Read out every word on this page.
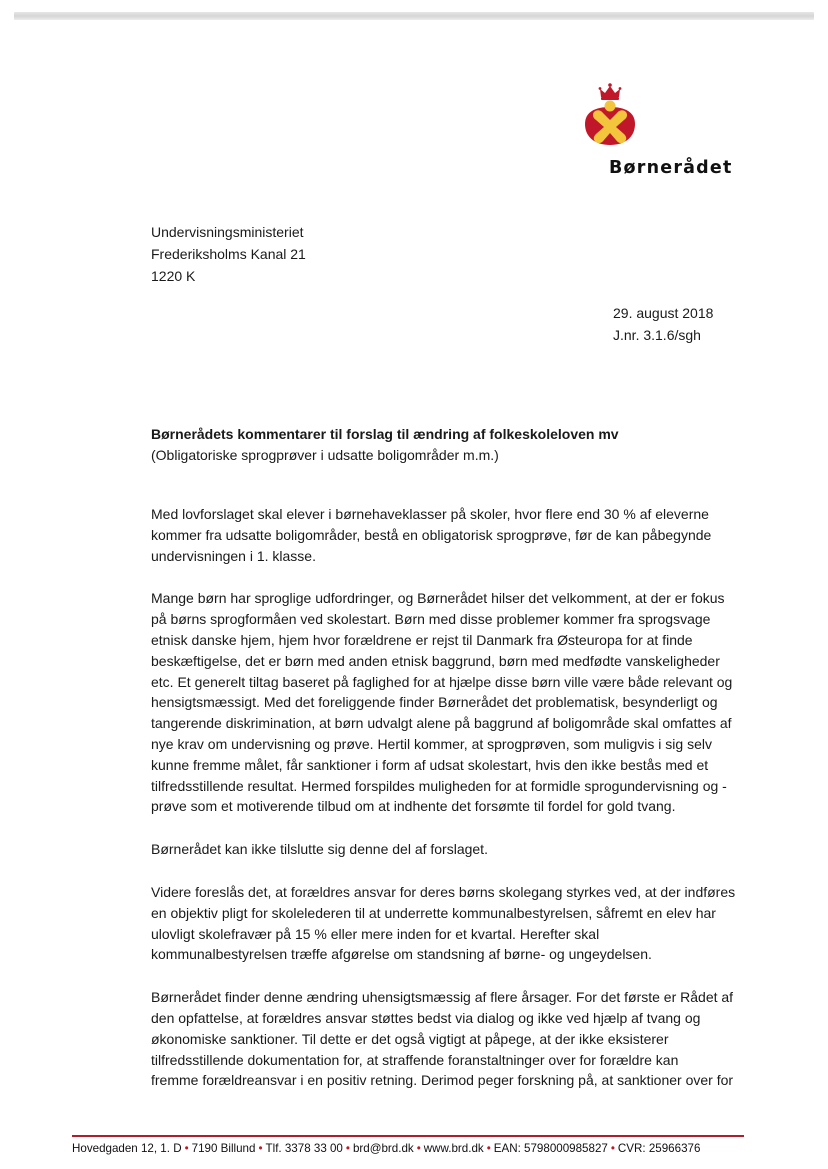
Børnerådet
Undervisningsministeriet
Frederiksholms Kanal 21
1220 K
29. august 2018
J.nr. 3.1.6/sgh
Børnerådets kommentarer til forslag til ændring af folkeskoleloven mv
(Obligatoriske sprogprøver i udsatte boligområder m.m.)

Med lovforslaget skal elever i børnehaveklasser på skoler, hvor flere end 30 % af eleverne
kommer fra udsatte boligområder, bestå en obligatorisk sprogprøve, før de kan påbegynde
undervisningen i 1. klasse.

Mange børn har sproglige udfordringer, og Børnerådet hilser det velkomment, at der er fokus
på børns sprogformåen ved skolestart. Børn med disse problemer kommer fra sprogsvage
etnisk danske hjem, hjem hvor forældrene er rejst til Danmark fra Østeuropa for at finde
beskæftigelse, det er børn med anden etnisk baggrund, børn med medfødte vanskeligheder
etc. Et generelt tiltag baseret på faglighed for at hjælpe disse børn ville være både relevant og
hensigtsmæssigt. Med det foreliggende finder Børnerådet det problematisk, besynderligt og
tangerende diskrimination, at børn udvalgt alene på baggrund af boligområde skal omfattes af
nye krav om undervisning og prøve. Hertil kommer, at sprogprøven, som muligvis i sig selv
kunne fremme målet, får sanktioner i form af udsat skolestart, hvis den ikke bestås med et
tilfredsstillende resultat. Hermed forspildes muligheden for at formidle sprogundervisning og -
prøve som et motiverende tilbud om at indhente det forsømte til fordel for gold tvang.

Børnerådet kan ikke tilslutte sig denne del af forslaget.

Videre foreslås det, at forældres ansvar for deres børns skolegang styrkes ved, at der indføres
en objektiv pligt for skolelederen til at underrette kommunalbestyrelsen, såfremt en elev har
ulovligt skolefravær på 15 % eller mere inden for et kvartal. Herefter skal
kommunalbestyrelsen træffe afgørelse om standsning af børne- og ungeydelsen.

Børnerådet finder denne ændring uhensigtsmæssig af flere årsager. For det første er Rådet af
den opfattelse, at forældres ansvar støttes bedst via dialog og ikke ved hjælp af tvang og
økonomiske sanktioner. Til dette er det også vigtigt at påpege, at der ikke eksisterer
tilfredsstillende dokumentation for, at straffende foranstaltninger over for forældre kan
fremme forældreansvar i en positiv retning. Derimod peger forskning på, at sanktioner over for

Hovedgaden 12, 1. D • 7190 Billund • Tlf. 3378 33 00 • brd@brd.dk • www.brd.dk • EAN: 5798000985827 • CVR: 25966376
